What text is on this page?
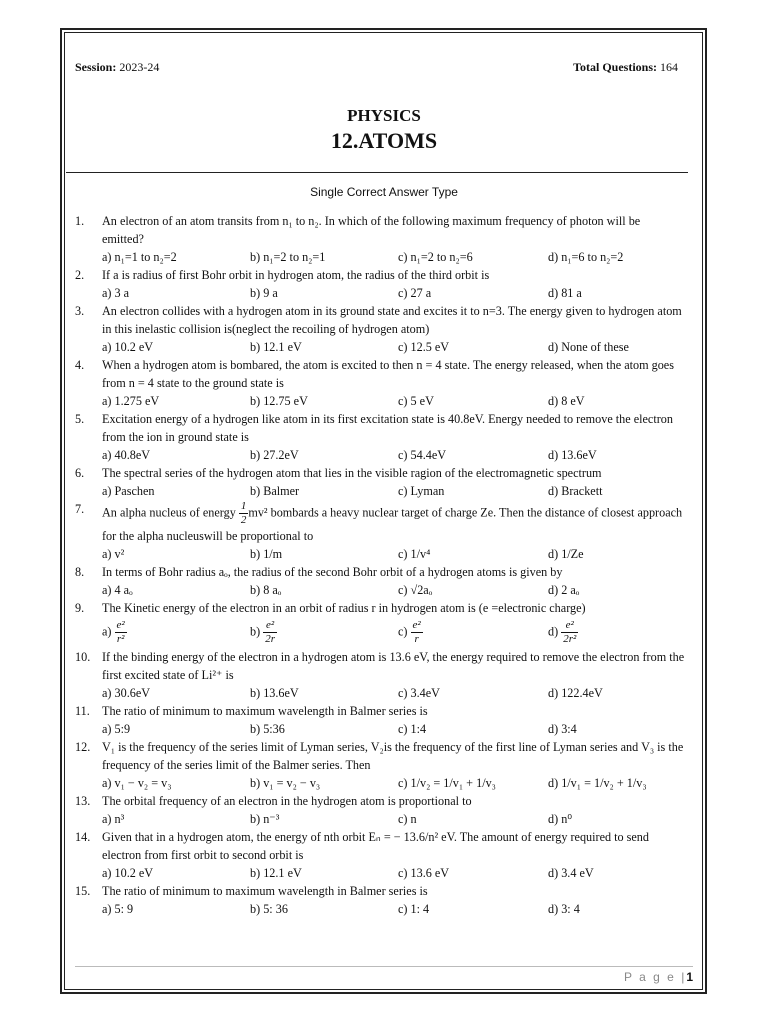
Session: 2023-24	Total Questions: 164
PHYSICS
12.ATOMS
Single Correct Answer Type
1.	An electron of an atom transits from n₁ to n₂. In which of the following maximum frequency of photon will be emitted?
a) n₁=1 to n₂=2	b) n₁=2 to n₂=1	c) n₁=2 to n₂=6	d) n₁=6 to n₂=2
2.	If a is radius of first Bohr orbit in hydrogen atom, the radius of the third orbit is
a) 3 a	b) 9 a	c) 27 a	d) 81 a
3.	An electron collides with a hydrogen atom in its ground state and excites it to n=3. The energy given to hydrogen atom in this inelastic collision is(neglect the recoiling of hydrogen atom)
a) 10.2 eV	b) 12.1 eV	c) 12.5 eV	d) None of these
4.	When a hydrogen atom is bombared, the atom is excited to then n = 4 state. The energy released, when the atom goes from n = 4 state to the ground state is
a) 1.275 eV	b) 12.75 eV	c) 5 eV	d) 8 eV
5.	Excitation energy of a hydrogen like atom in its first excitation state is 40.8eV. Energy needed to remove the electron from the ion in ground state is
a) 40.8eV	b) 27.2eV	c) 54.4eV	d) 13.6eV
6.	The spectral series of the hydrogen atom that lies in the visible ragion of the electromagnetic spectrum
a) Paschen	b) Balmer	c) Lyman	d) Brackett
7.	An alpha nucleus of energy $\frac{1}{2} mv^2$ bombards a heavy nuclear target of charge Ze. Then the distance of closest approach for the alpha nucleuswill be proportional to
a) v²	b) 1/m	c) 1/v⁴	d) 1/Ze
8.	In terms of Bohr radius aₒ, the radius of the second Bohr orbit of a hydrogen atoms is given by
a) 4 aₒ	b) 8 aₒ	c) √2aₒ	d) 2 aₒ
9.	The Kinetic energy of the electron in an orbit of radius r in hydrogen atom is (e =electronic charge)
$a) \frac{\text{e²}}{\text{r²}}$	$b) \frac{\text{e²}}{2r}$	$c) \frac{\text{e²}}{r}$	$d) \frac{\text{e²}}{\text{2r²}}$
10. If the binding energy of the electron in a hydrogen atom is 13.6 eV, the energy required to remove the electron from the first excited state of Li²⁺ is
a) 30.6eV	b) 13.6eV	c) 3.4eV	d) 122.4eV
11.	The ratio of minimum to maximum wavelength in Balmer series is
a) 5:9	b) 5:36	c) 1:4	d) 3:4
12. V₁ is the frequency of the series limit of Lyman series, V₂is the frequency of the first line of Lyman series and V₃ is the frequency of the series limit of the Balmer series. Then
a) v₁ − v₂ = v₃	b) v₁ = v₂ − v₃	c) 1/v₂ = 1/v₁ + 1/v₃	d) 1/v₁ = 1/v₂ + 1/v₃
13. The orbital frequency of an electron in the hydrogen atom is proportional to
a) n³	b) n⁻³	c) n	d) n⁰
14. Given that in a hydrogen atom, the energy of nth orbit Eₙ = − 13.6/n² eV. The amount of energy required to send electron from first orbit to second orbit is
a) 10.2 eV	b) 12.1 eV	c) 13.6 eV	d) 3.4 eV
15. The ratio of minimum to maximum wavelength in Balmer series is
a) 5: 9	b) 5: 36	c) 1: 4	d) 3: 4
P a g e |1
